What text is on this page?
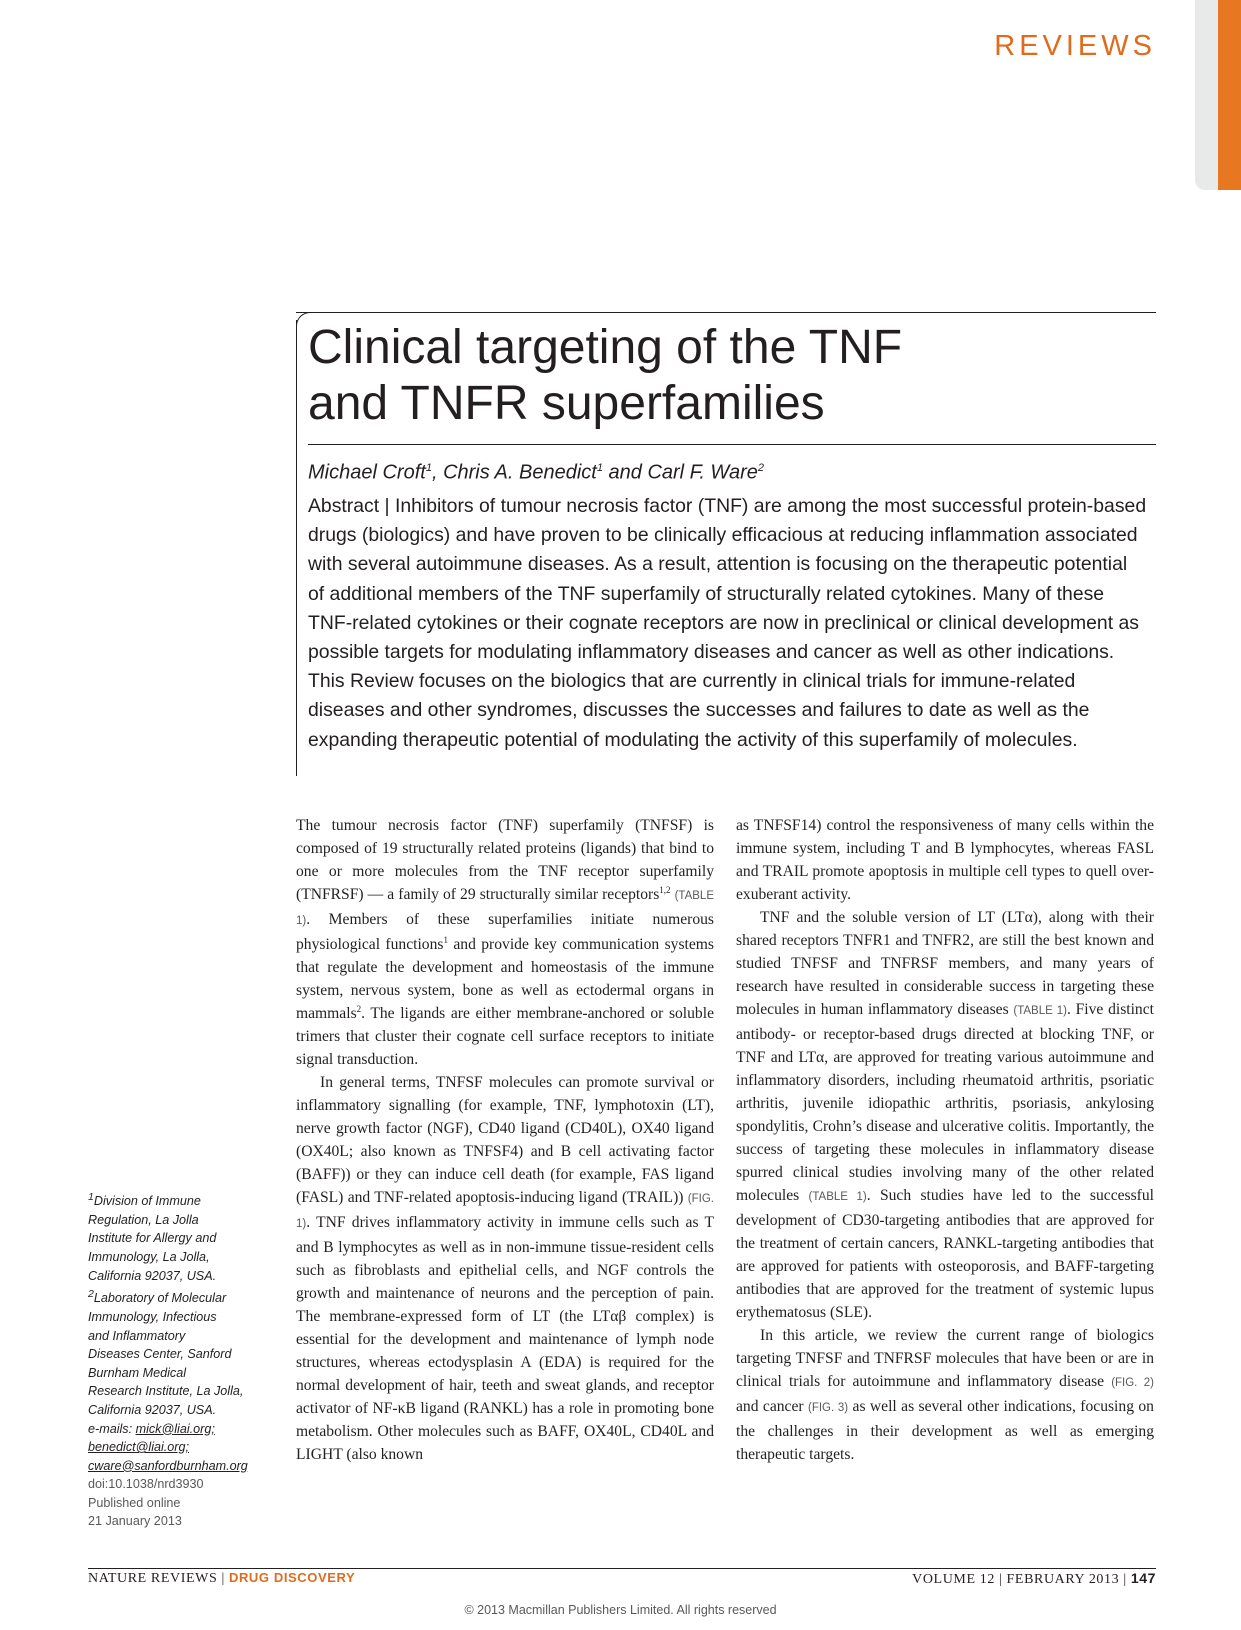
REVIEWS
Clinical targeting of the TNF
and TNFR superfamilies
Michael Croft$^1$, Chris A. Benedict$^1$ and Carl F. Ware$^2$

Abstract | Inhibitors of tumour necrosis factor (TNF) are among the most successful protein-based drugs (biologics) and have proven to be clinically efficacious at reducing inflammation associated with several autoimmune diseases. As a result, attention is focusing on the therapeutic potential of additional members of the TNF superfamily of structurally related cytokines. Many of these TNF-related cytokines or their cognate receptors are now in preclinical or clinical development as possible targets for modulating inflammatory diseases and cancer as well as other indications. This Review focuses on the biologics that are currently in clinical trials for immune-related diseases and other syndromes, discusses the successes and failures to date as well as the expanding therapeutic potential of modulating the activity of this superfamily of molecules.

The tumour necrosis factor (TNF) superfamily (TNFSF) is composed of 19 structurally related proteins (ligands) that bind to one or more molecules from the TNF receptor superfamily (TNFRSF) — a family of 29 structurally similar receptors$^{1,2}$ (TABLE 1). Members of these superfamilies initiate numerous physiological functions$^1$ and provide key communication systems that regulate the development and homeostasis of the immune system, nervous system, bone as well as ectodermal organs in mammals$^2$. The ligands are either membrane-anchored or soluble trimers that cluster their cognate cell surface receptors to initiate signal transduction.

In general terms, TNFSF molecules can promote survival or inflammatory signalling (for example, TNF, lymphotoxin (LT), nerve growth factor (NGF), CD40 ligand (CD40L), OX40 ligand (OX40L; also known as TNFSF4) and B cell activating factor (BAFF)) or they can induce cell death (for example, FAS ligand (FASL) and TNF-related apoptosis-inducing ligand (TRAIL)) (FIG. 1). TNF drives inflammatory activity in immune cells such as T and B lymphocytes as well as in non-immune tissue-resident cells such as fibroblasts and epithelial cells, and NGF controls the growth and maintenance of neurons and the perception of pain. The membrane-expressed form of LT (the LTαβ complex) is essential for the development and maintenance of lymph node structures, whereas ectodysplasin A (EDA) is required for the normal development of hair, teeth and sweat glands, and receptor activator of NF-κB ligand (RANKL) has a role in promoting bone metabolism. Other molecules such as BAFF, OX40L, CD40L and LIGHT (also known

as TNFSF14) control the responsiveness of many cells within the immune system, including T and B lymphocytes, whereas FASL and TRAIL promote apoptosis in multiple cell types to quell over-exuberant activity.

TNF and the soluble version of LT (LTα), along with their shared receptors TNFR1 and TNFR2, are still the best known and studied TNFSF and TNFRSF members, and many years of research have resulted in considerable success in targeting these molecules in human inflammatory diseases (TABLE 1). Five distinct antibody- or receptor-based drugs directed at blocking TNF, or TNF and LTα, are approved for treating various autoimmune and inflammatory disorders, including rheumatoid arthritis, psoriatic arthritis, juvenile idiopathic arthritis, psoriasis, ankylosing spondylitis, Crohn’s disease and ulcerative colitis. Importantly, the success of targeting these molecules in inflammatory disease spurred clinical studies involving many of the other related molecules (TABLE 1). Such studies have led to the successful development of CD30-targeting antibodies that are approved for the treatment of certain cancers, RANKL-targeting antibodies that are approved for patients with osteoporosis, and BAFF-targeting antibodies that are approved for the treatment of systemic lupus erythematosus (SLE).

In this article, we review the current range of biologics targeting TNFSF and TNFRSF molecules that have been or are in clinical trials for autoimmune and inflammatory disease (FIG. 2) and cancer (FIG. 3) as well as several other indications, focusing on the challenges in their development as well as emerging therapeutic targets.

$^1$Division of Immune
Regulation, La Jolla
Institute for Allergy and
Immunology, La Jolla,
California 92037, USA.
$^2$Laboratory of Molecular
Immunology, Infectious
and Inflammatory
Diseases Center, Sanford
Burnham Medical
Research Institute, La Jolla,
California 92037, USA.
e-mails: mick@liai.org;
benedict@liai.org;
cware@sanfordburnham.org
doi:10.1038/nrd3930
Published online
21 January 2013
NATURE REVIEWS | DRUG DISCOVERY	VOLUME 12 | FEBRUARY 2013 | 147
© 2013 Macmillan Publishers Limited. All rights reserved
